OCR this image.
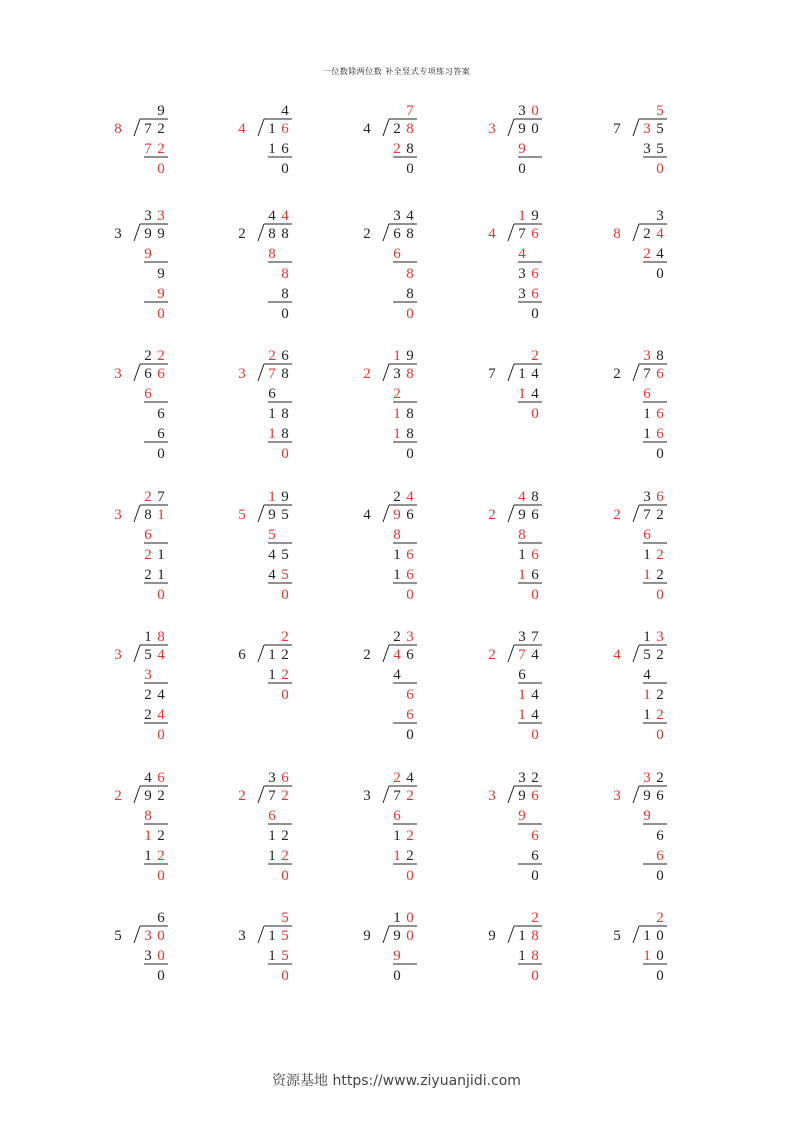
一位数除两位数 补全竖式专项练习答案
9
8 7 2
7 2
0
4
4 1 6
1 6
0
7
4 2 8
2 8
0
3 0
3 9 0
9
0
5
7 3 5
3 5
0
3 3
3 9 9
9
9
9
0
4 4
2 8 8
8
8
8
0
3 4
2 6 8
6
8
8
0
1 9
4 7 6
4
3 6
3 6
0
3
8 2 4
2 4
0
2 2
3 6 6
6
6
6
0
2 6
3 7 8
6
1 8
1 8
0
1 9
2 3 8
2
1 8
1 8
0
2
7 1 4
1 4
0
3 8
2 7 6
6
1 6
1 6
0
2 7
3 8 1
6
2 1
2 1
0
1 9
5 9 5
5
4 5
4 5
0
2 4
4 9 6
8
1 6
1 6
0
4 8
2 9 6
8
1 6
1 6
0
3 6
2 7 2
6
1 2
1 2
0
1 8
3 5 4
3
2 4
2 4
0
2
6 1 2
1 2
0
2 3
2 4 6
4
6
6
0
3 7
2 7 4
6
1 4
1 4
0
1 3
4 5 2
4
1 2
1 2
0
4 6
2 9 2
8
1 2
1 2
0
3 6
2 7 2
6
1 2
1 2
0
2 4
3 7 2
6
1 2
1 2
0
3 2
3 9 6
9
6
6
0
3 2
3 9 6
9
6
6
0
6
5 3 0
3 0
0
5
3 1 5
1 5
0
1 0
9 9 0
9
0
2
9 1 8
1 8
0
2
5 1 0
1 0
0
资源基地 https://www.ziyuanjidi.com
